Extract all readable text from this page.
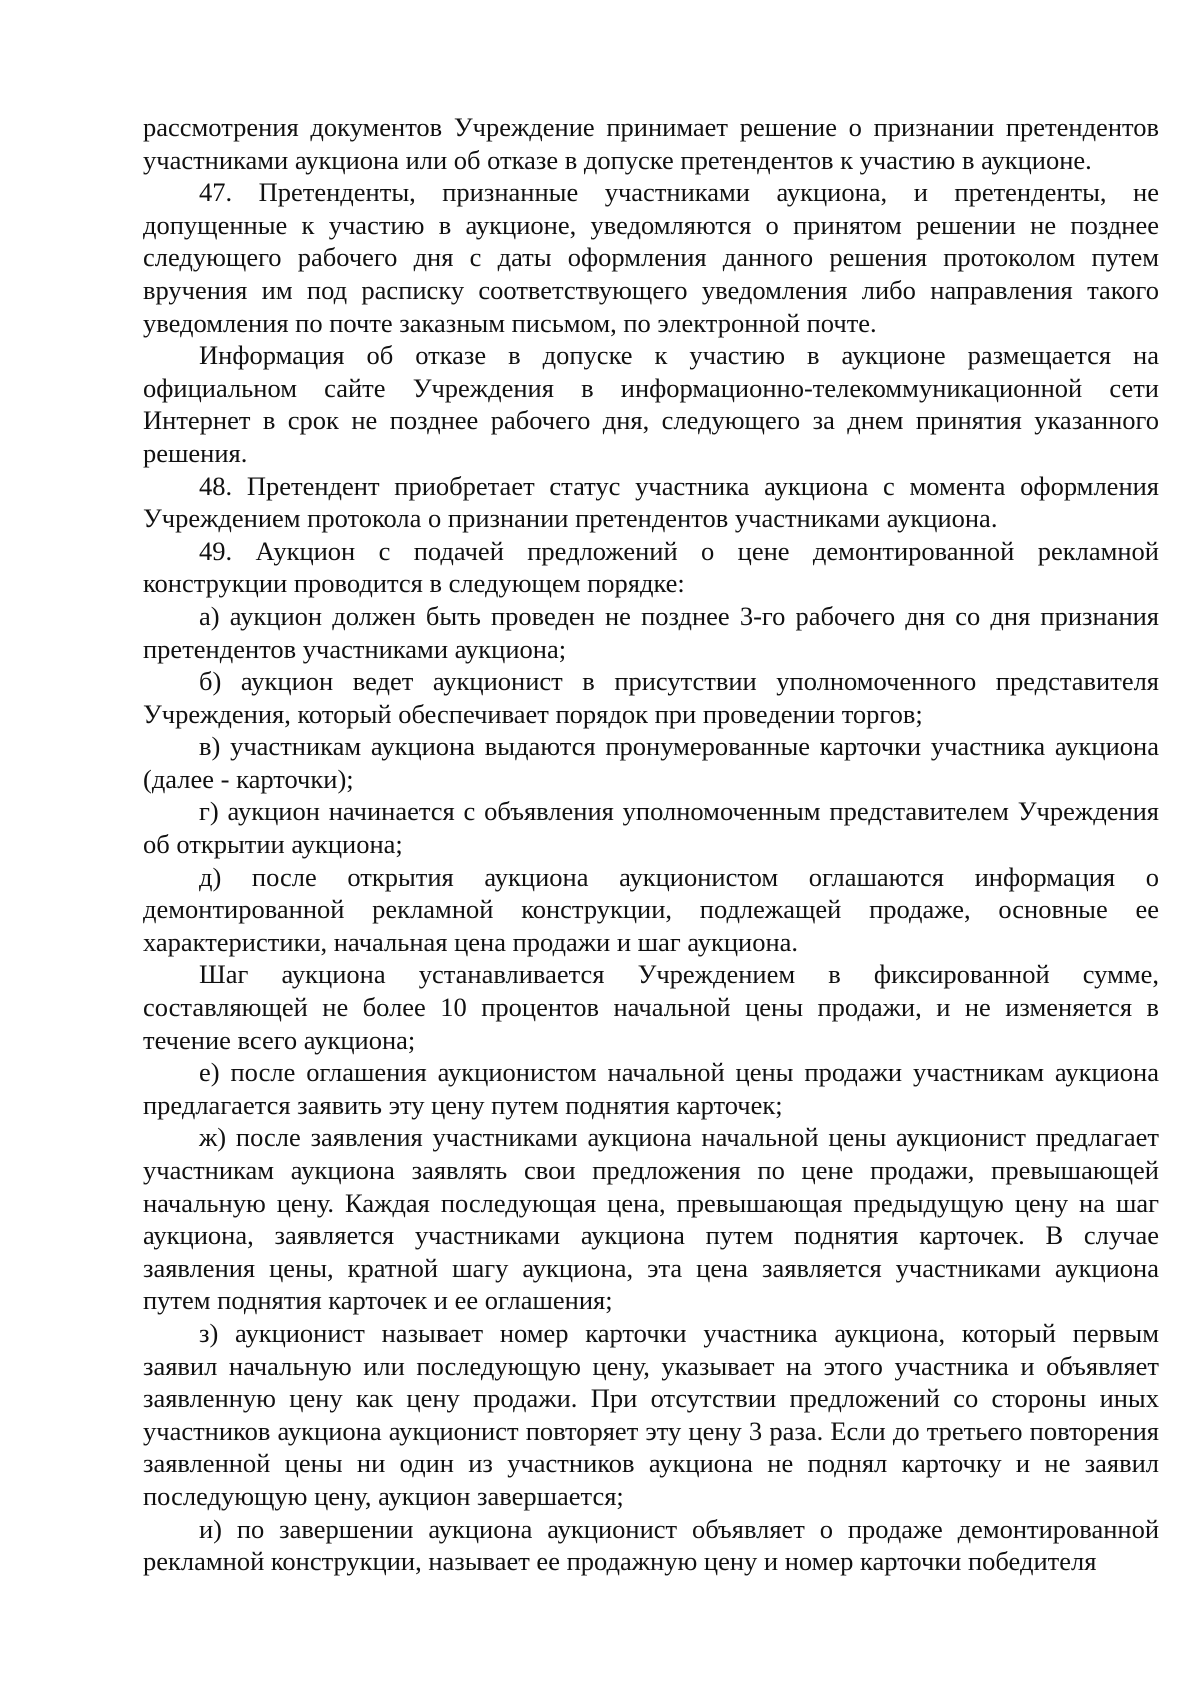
рассмотрения документов Учреждение принимает решение о признании претендентов участниками аукциона или об отказе в допуске претендентов к участию в аукционе.

47. Претенденты, признанные участниками аукциона, и претенденты, не допущенные к участию в аукционе, уведомляются о принятом решении не позднее следующего рабочего дня с даты оформления данного решения протоколом путем вручения им под расписку соответствующего уведомления либо направления такого уведомления по почте заказным письмом, по электронной почте.

Информация об отказе в допуске к участию в аукционе размещается на официальном сайте Учреждения в информационно-телекоммуникационной сети Интернет в срок не позднее рабочего дня, следующего за днем принятия указанного решения.

48. Претендент приобретает статус участника аукциона с момента оформления Учреждением протокола о признании претендентов участниками аукциона.

49. Аукцион с подачей предложений о цене демонтированной рекламной конструкции проводится в следующем порядке:

а) аукцион должен быть проведен не позднее 3-го рабочего дня со дня признания претендентов участниками аукциона;

б) аукцион ведет аукционист в присутствии уполномоченного представителя Учреждения, который обеспечивает порядок при проведении торгов;

в) участникам аукциона выдаются пронумерованные карточки участника аукциона (далее - карточки);

г) аукцион начинается с объявления уполномоченным представителем Учреждения об открытии аукциона;

д) после открытия аукциона аукционистом оглашаются информация о демонтированной рекламной конструкции, подлежащей продаже, основные ее характеристики, начальная цена продажи и шаг аукциона.

Шаг аукциона устанавливается Учреждением в фиксированной сумме, составляющей не более 10 процентов начальной цены продажи, и не изменяется в течение всего аукциона;

е) после оглашения аукционистом начальной цены продажи участникам аукциона предлагается заявить эту цену путем поднятия карточек;

ж) после заявления участниками аукциона начальной цены аукционист предлагает участникам аукциона заявлять свои предложения по цене продажи, превышающей начальную цену. Каждая последующая цена, превышающая предыдущую цену на шаг аукциона, заявляется участниками аукциона путем поднятия карточек. В случае заявления цены, кратной шагу аукциона, эта цена заявляется участниками аукциона путем поднятия карточек и ее оглашения;

з) аукционист называет номер карточки участника аукциона, который первым заявил начальную или последующую цену, указывает на этого участника и объявляет заявленную цену как цену продажи. При отсутствии предложений со стороны иных участников аукциона аукционист повторяет эту цену 3 раза. Если до третьего повторения заявленной цены ни один из участников аукциона не поднял карточку и не заявил последующую цену, аукцион завершается;

и) по завершении аукциона аукционист объявляет о продаже демонтированной рекламной конструкции, называет ее продажную цену и номер карточки победителя
